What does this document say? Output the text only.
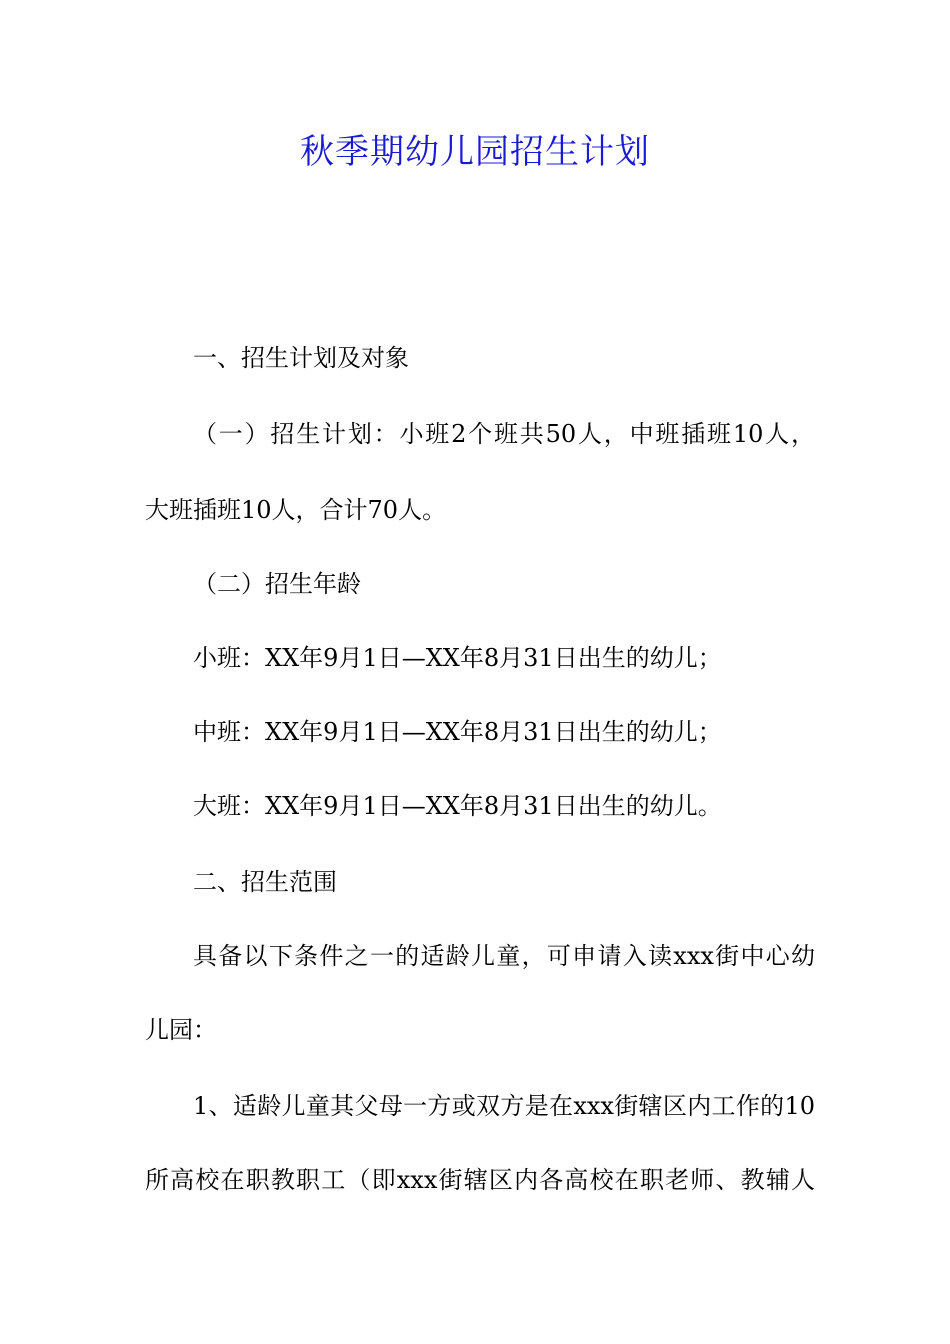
秋季期幼儿园招生计划

一、招生计划及对象

（一）招生计划：小班2个班共50人，中班插班10人，

大班插班10人，合计70人。

（二）招生年龄

小班：XX年9月1日—XX年8月31日出生的幼儿；

中班：XX年9月1日—XX年8月31日出生的幼儿；

大班：XX年9月1日—XX年8月31日出生的幼儿。

二、招生范围

具备以下条件之一的适龄儿童，可申请入读xxx街中心幼

儿园：

1、适龄儿童其父母一方或双方是在xxx街辖区内工作的10

所高校在职教职工（即xxx街辖区内各高校在职老师、教辅人
